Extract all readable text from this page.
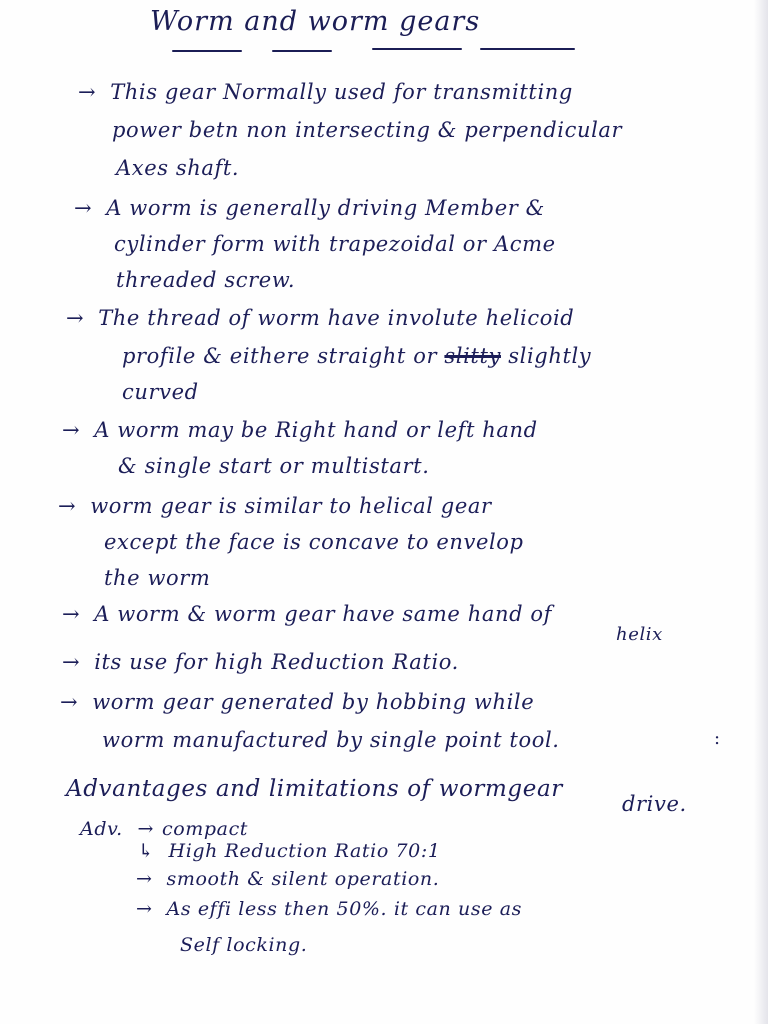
Worm and worm gears

→ This gear Normally used for transmitting

power betn non intersecting & perpendicular

Axes shaft.

→ A worm is generally driving Member &

cylinder form with trapezoidal or Acme

threaded screw.

→ The thread of worm have involute helicoid

profile & eithere straight or slitty slightly

curved

→ A worm may be Right hand or left hand

& single start or multistart.

→ worm gear is similar to helical gear

except the face is concave to envelop

the worm

→ A worm & worm gear have same hand of

helix

→ its use for high Reduction Ratio.

→ worm gear generated by hobbing while

worm manufactured by single point tool.	:

Advantages and limitations of wormgear

drive.

Adv. → compact

↳ High Reduction Ratio 70:1

→ smooth & silent operation.

→ As effi less then 50%. it can use as

Self locking.
